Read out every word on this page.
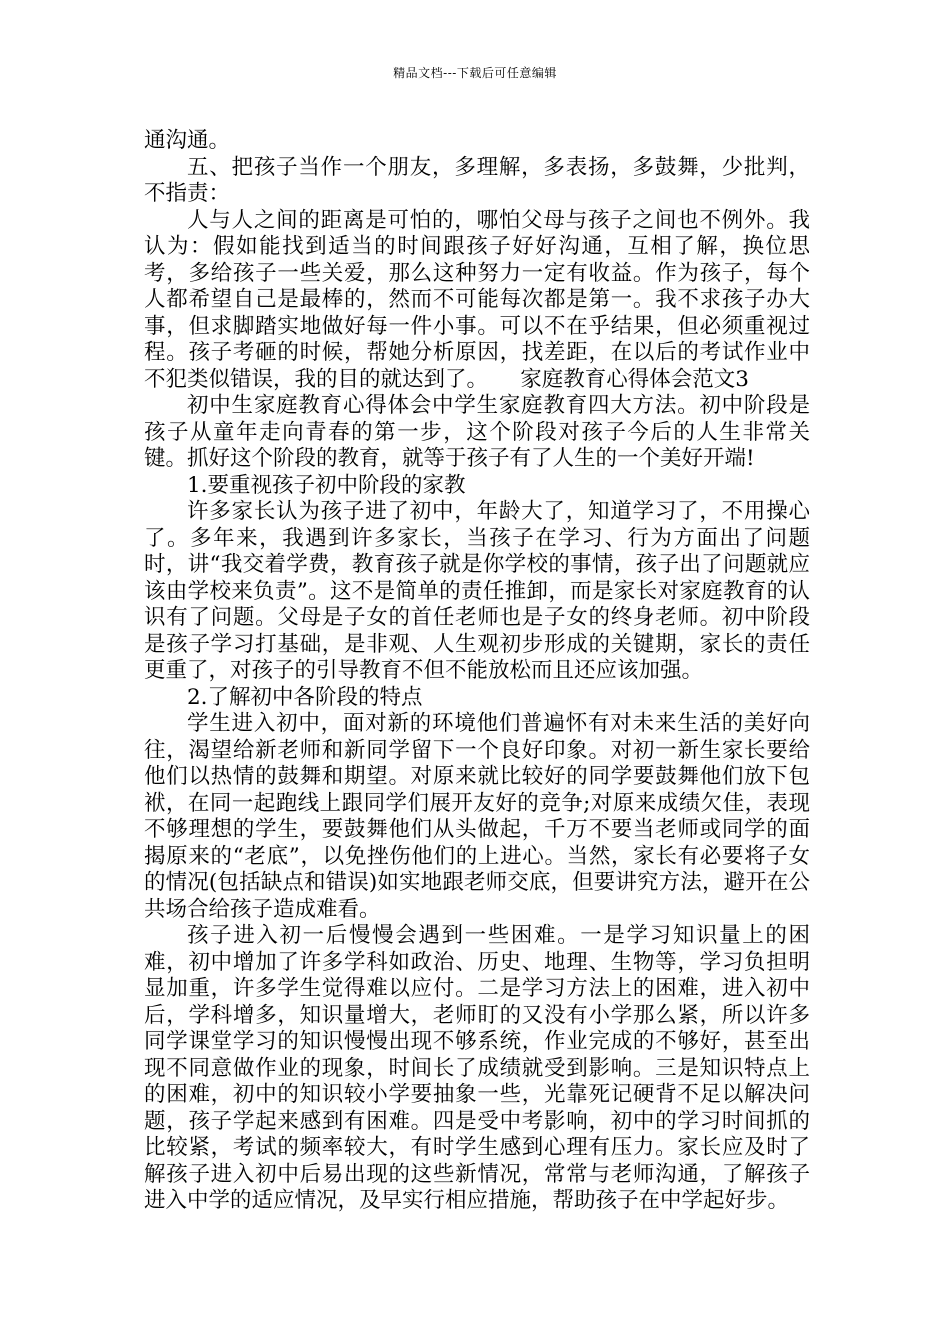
精品文档---下载后可任意编辑

通沟通。

五、把孩子当作一个朋友，多理解，多表扬，多鼓舞，少批判，不指责：

人与人之间的距离是可怕的，哪怕父母与孩子之间也不例外。我认为：假如能找到适当的时间跟孩子好好沟通，互相了解，换位思考，多给孩子一些关爱，那么这种努力一定有收益。作为孩子，每个人都希望自己是最棒的，然而不可能每次都是第一。我不求孩子办大事，但求脚踏实地做好每一件小事。可以不在乎结果，但必须重视过程。孩子考砸的时候，帮她分析原因，找差距，在以后的考试作业中不犯类似错误，我的目的就达到了。　　家庭教育心得体会范文3

初中生家庭教育心得体会中学生家庭教育四大方法。初中阶段是孩子从童年走向青春的第一步，这个阶段对孩子今后的人生非常关键。抓好这个阶段的教育，就等于孩子有了人生的一个美好开端!

1.要重视孩子初中阶段的家教

许多家长认为孩子进了初中，年龄大了，知道学习了，不用操心了。多年来，我遇到许多家长，当孩子在学习、行为方面出了问题时，讲“我交着学费，教育孩子就是你学校的事情，孩子出了问题就应该由学校来负责”。这不是简单的责任推卸，而是家长对家庭教育的认识有了问题。父母是子女的首任老师也是子女的终身老师。初中阶段是孩子学习打基础，是非观、人生观初步形成的关键期，家长的责任更重了，对孩子的引导教育不但不能放松而且还应该加强。

2.了解初中各阶段的特点

学生进入初中，面对新的环境他们普遍怀有对未来生活的美好向往，渴望给新老师和新同学留下一个良好印象。对初一新生家长要给他们以热情的鼓舞和期望。对原来就比较好的同学要鼓舞他们放下包袱，在同一起跑线上跟同学们展开友好的竞争;对原来成绩欠佳，表现不够理想的学生，要鼓舞他们从头做起，千万不要当老师或同学的面揭原来的“老底”，以免挫伤他们的上进心。当然，家长有必要将子女的情况(包括缺点和错误)如实地跟老师交底，但要讲究方法，避开在公共场合给孩子造成难看。

孩子进入初一后慢慢会遇到一些困难。一是学习知识量上的困难，初中增加了许多学科如政治、历史、地理、生物等，学习负担明显加重，许多学生觉得难以应付。二是学习方法上的困难，进入初中后，学科增多，知识量增大，老师盯的又没有小学那么紧，所以许多同学课堂学习的知识慢慢出现不够系统，作业完成的不够好，甚至出现不同意做作业的现象，时间长了成绩就受到影响。三是知识特点上的困难，初中的知识较小学要抽象一些，光靠死记硬背不足以解决问题，孩子学起来感到有困难。四是受中考影响，初中的学习时间抓的比较紧，考试的频率较大，有时学生感到心理有压力。家长应及时了解孩子进入初中后易出现的这些新情况，常常与老师沟通，了解孩子进入中学的适应情况，及早实行相应措施，帮助孩子在中学起好步。
